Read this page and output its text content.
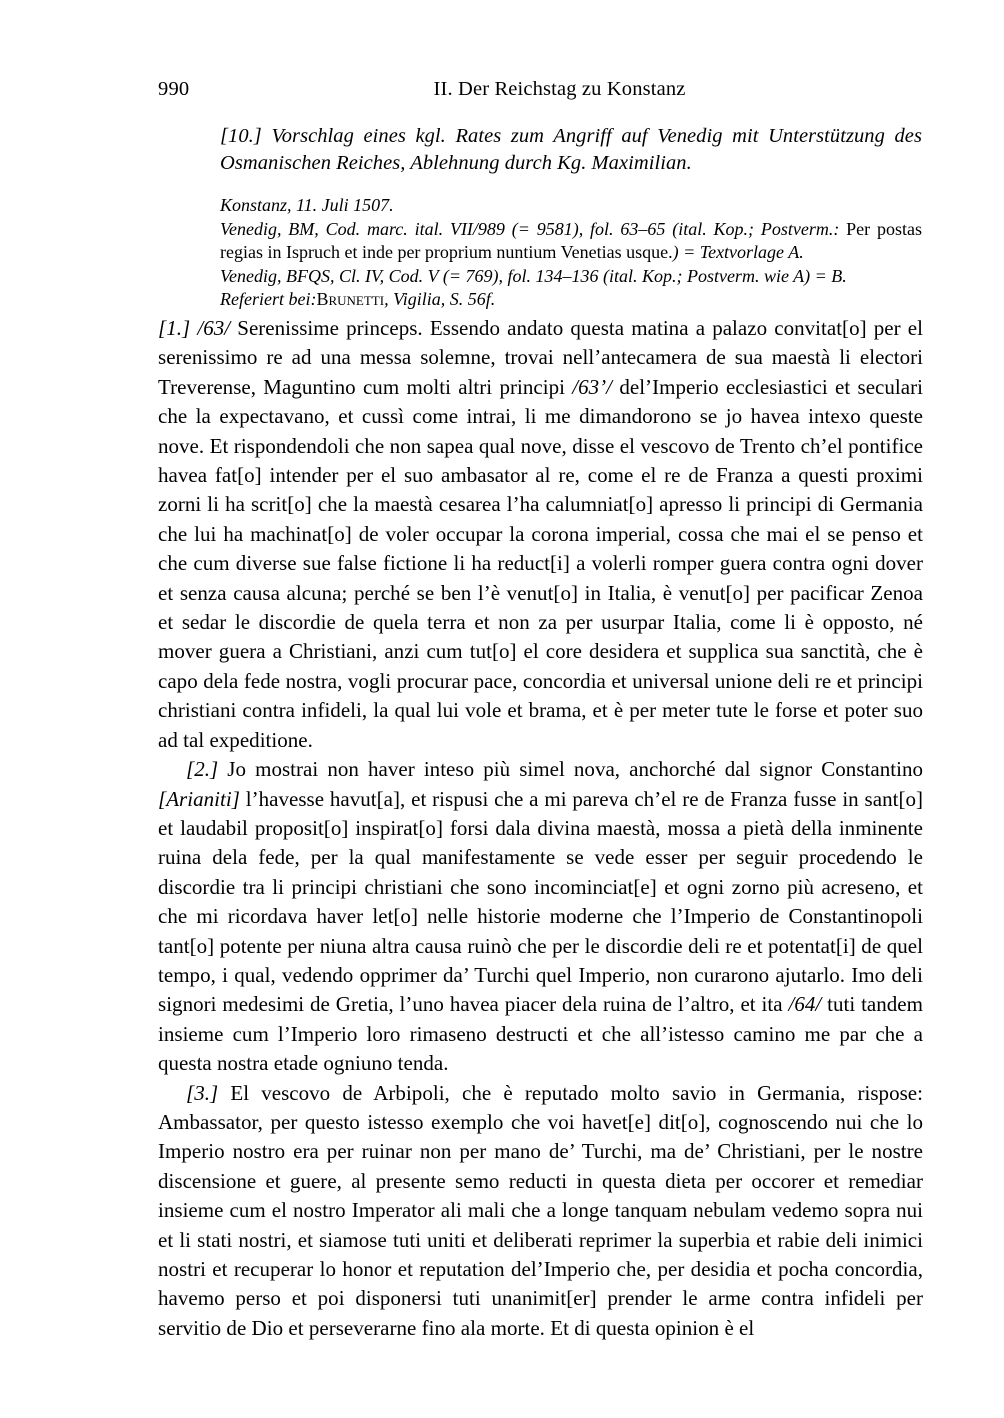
990	II. Der Reichstag zu Konstanz

[10.] Vorschlag eines kgl. Rates zum Angriff auf Venedig mit Unterstützung des Osmanischen Reiches, Ablehnung durch Kg. Maximilian.

Konstanz, 11. Juli 1507.

Venedig, BM, Cod. marc. ital. VII/989 (= 9581), fol. 63–65 (ital. Kop.; Postverm.: Per postas regias in Ispruch et inde per proprium nuntium Venetias usque.) = Textvorlage A.
Venedig, BFQS, Cl. IV, Cod. V (= 769), fol. 134–136 (ital. Kop.; Postverm. wie A) = B.
Referiert bei:Brunetti, Vigilia, S. 56f.

[1.] /63/ Serenissime princeps. Essendo andato questa matina a palazo convitat[o] per el serenissimo re ad una messa solemne, trovai nell’antecamera de sua maestà li electori Treverense, Maguntino cum molti altri principi /63’/ del’Imperio ecclesiastici et seculari che la expectavano, et cussì come intrai, li me dimandorono se jo havea intexo queste nove. Et rispondendoli che non sapea qual nove, disse el vescovo de Trento ch’el pontifice havea fat[o] intender per el suo ambasator al re, come el re de Franza a questi proximi zorni li ha scrit[o] che la maestà cesarea l’ha calumniat[o] apresso li principi di Germania che lui ha machinat[o] de voler occupar la corona imperial, cossa che mai el se penso et che cum diverse sue false fictione li ha reduct[i] a volerli romper guera contra ogni dover et senza causa alcuna; perché se ben l’è venut[o] in Italia, è venut[o] per pacificar Zenoa et sedar le discordie de quela terra et non za per usurpar Italia, come li è opposto, né mover guera a Christiani, anzi cum tut[o] el core desidera et supplica sua sanctità, che è capo dela fede nostra, vogli procurar pace, concordia et universal unione deli re et principi christiani contra infideli, la qual lui vole et brama, et è per meter tute le forse et poter suo ad tal expeditione.

[2.] Jo mostrai non haver inteso più simel nova, anchorché dal signor Constantino [Arianiti] l’havesse havut[a], et rispusi che a mi pareva ch’el re de Franza fusse in sant[o] et laudabil proposit[o] inspirat[o] forsi dala divina maestà, mossa a pietà della inminente ruina dela fede, per la qual manifestamente se vede esser per seguir procedendo le discordie tra li principi christiani che sono incominciat[e] et ogni zorno più acreseno, et che mi ricordava haver let[o] nelle historie moderne che l’Imperio de Constantinopoli tant[o] potente per niuna altra causa ruinò che per le discordie deli re et potentat[i] de quel tempo, i qual, vedendo opprimer da’ Turchi quel Imperio, non curarono ajutarlo. Imo deli signori medesimi de Gretia, l’uno havea piacer dela ruina de l’altro, et ita /64/ tuti tandem insieme cum l’Imperio loro rimaseno destructi et che all’istesso camino me par che a questa nostra etade ogniuno tenda.

[3.] El vescovo de Arbipoli, che è reputado molto savio in Germania, rispose: Ambassator, per questo istesso exemplo che voi havet[e] dit[o], cognoscendo nui che lo Imperio nostro era per ruinar non per mano de’ Turchi, ma de’ Christiani, per le nostre discensione et guere, al presente semo reducti in questa dieta per occorer et remediar insieme cum el nostro Imperator ali mali che a longe tanquam nebulam vedemo sopra nui et li stati nostri, et siamose tuti uniti et deliberati reprimer la superbia et rabie deli inimici nostri et recuperar lo honor et reputation del’Imperio che, per desidia et pocha concordia, havemo perso et poi disponersi tuti unanimit[er] prender le arme contra infideli per servitio de Dio et perseverarne fino ala morte. Et di questa opinion è el
